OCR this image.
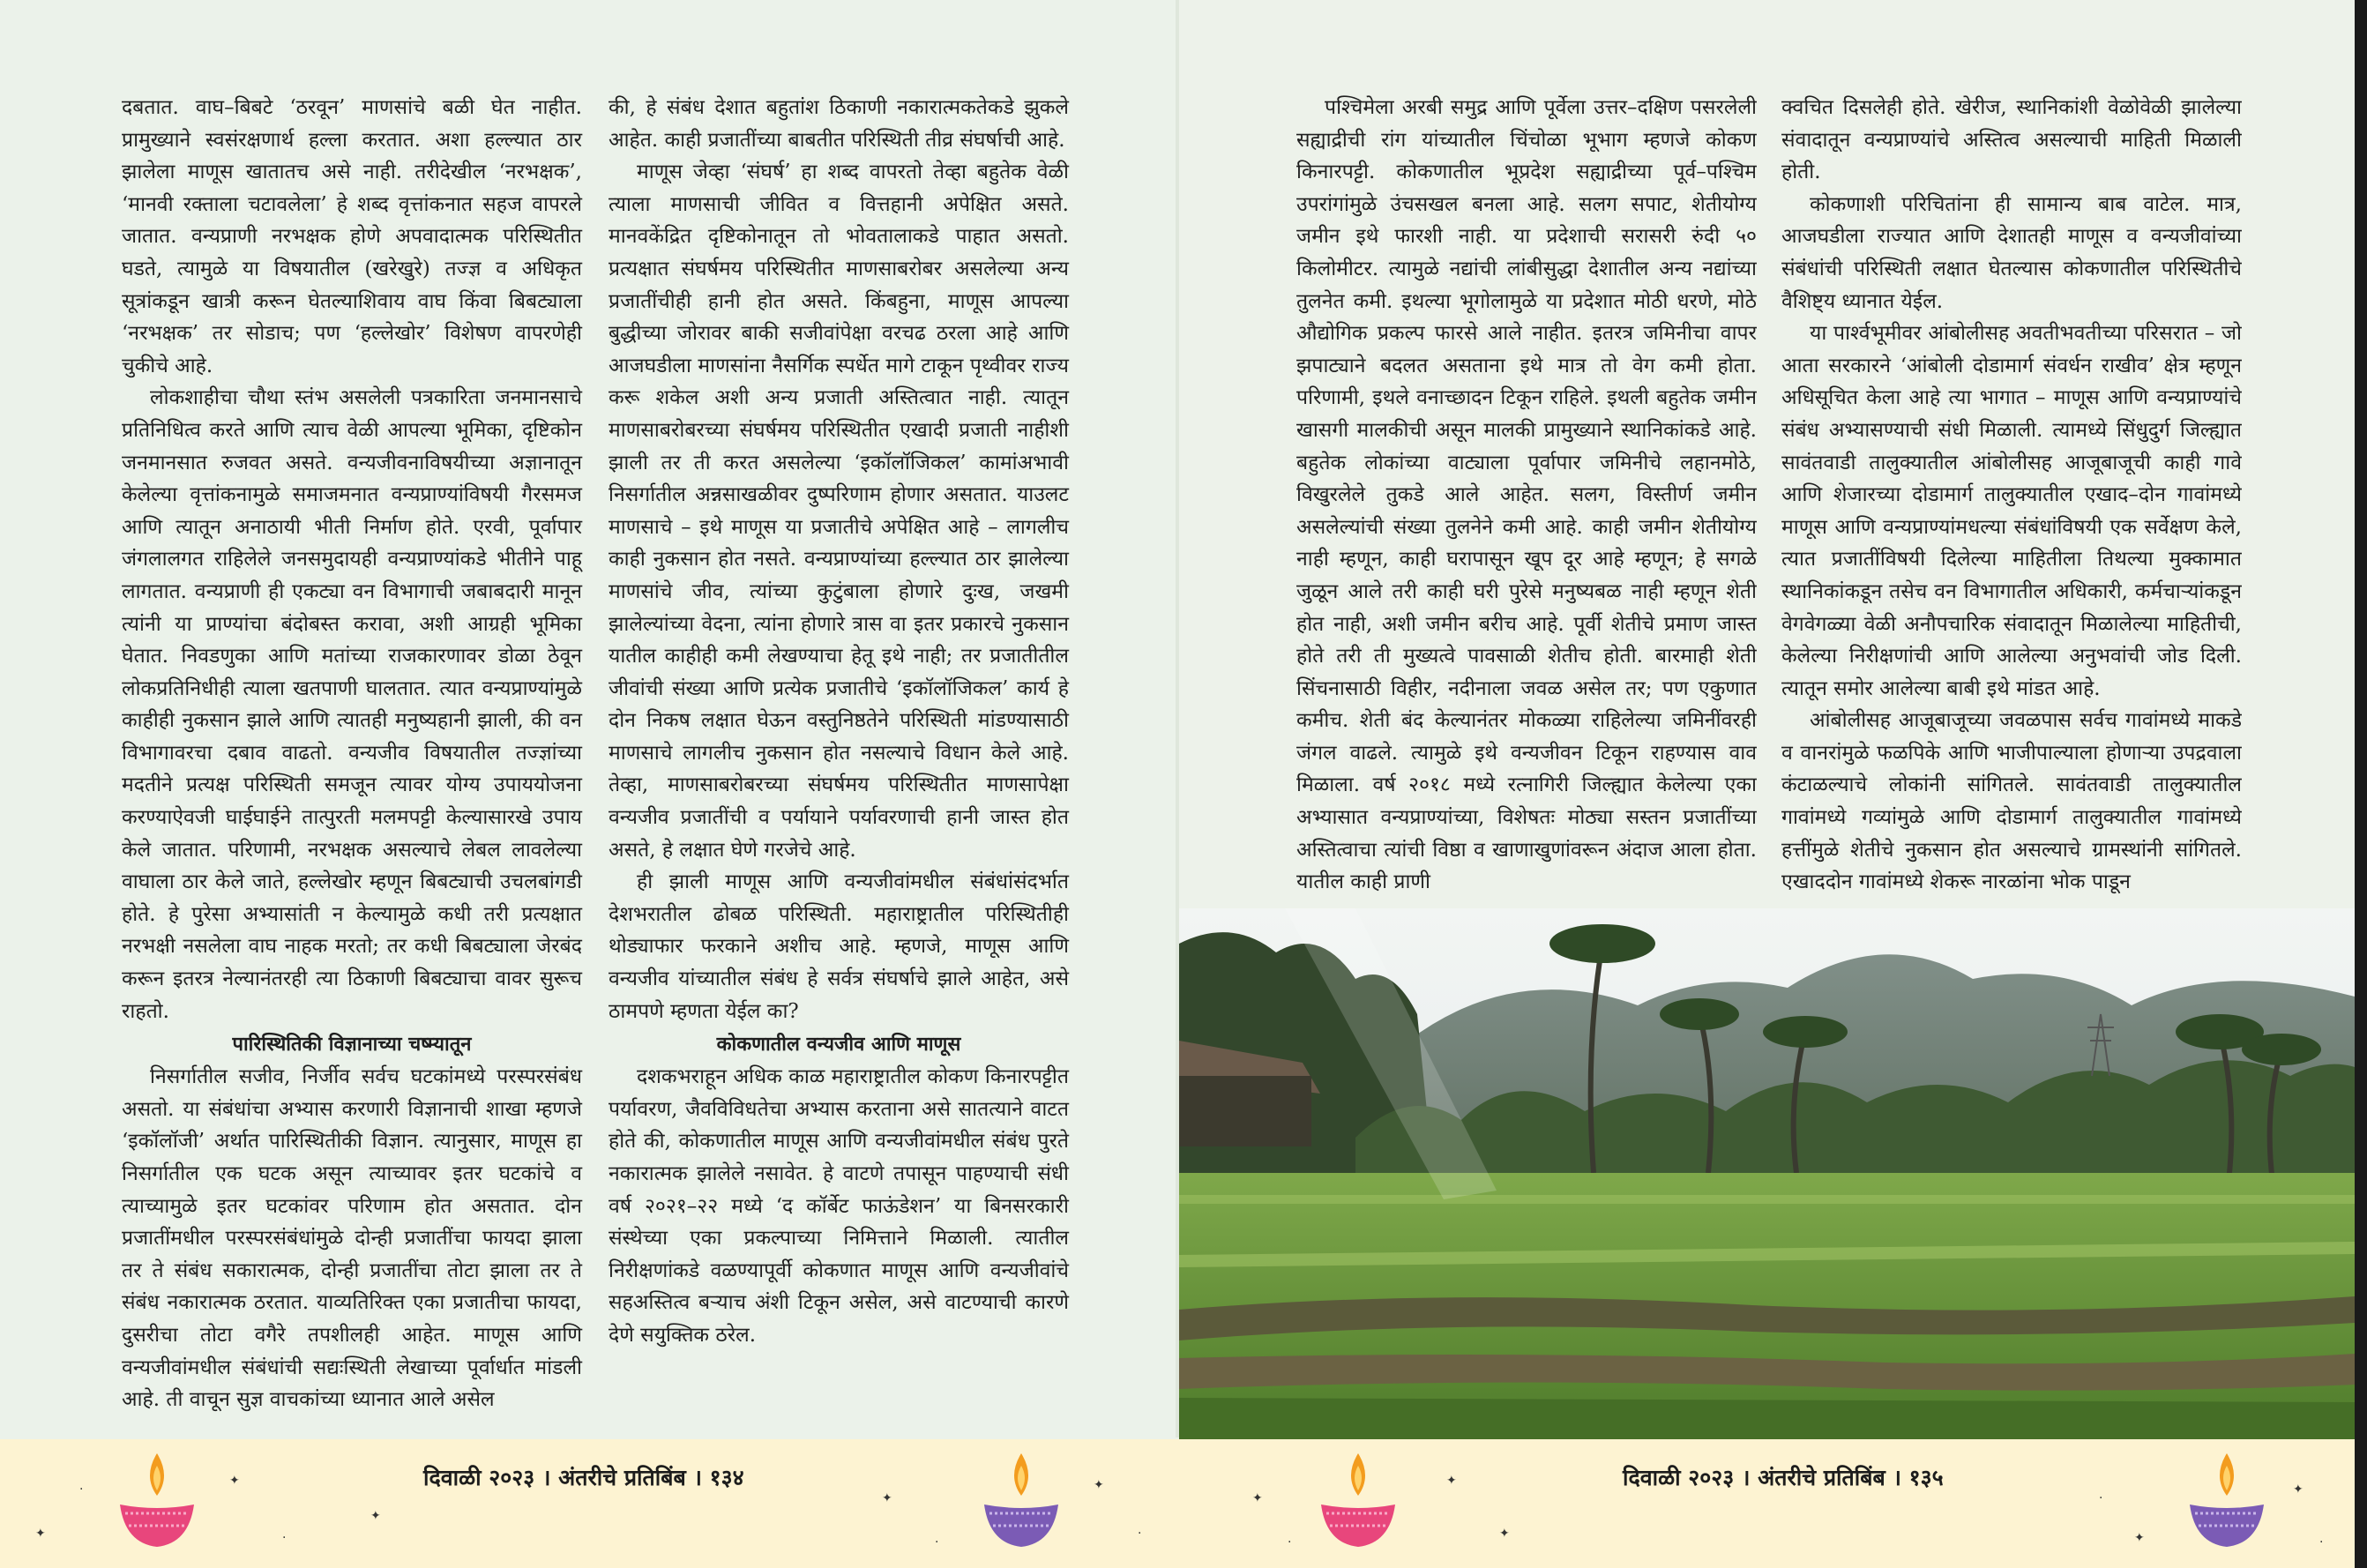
दबतात. वाघ–बिबटे ‘ठरवून’ माणसांचे बळी घेत नाहीत. प्रामुख्याने स्वसंरक्षणार्थ हल्ला करतात. अशा हल्ल्यात ठार झालेला माणूस खातातच असे नाही. तरीदेखील ‘नरभक्षक’, ‘मानवी रक्ताला चटावलेला’ हे शब्द वृत्तांकनात सहज वापरले जातात. वन्यप्राणी नरभक्षक होणे अपवादात्मक परिस्थितीत घडते, त्यामुळे या विषयातील (खरेखुरे) तज्ज्ञ व अधिकृत सूत्रांकडून खात्री करून घेतल्याशिवाय वाघ किंवा बिबट्याला ‘नरभक्षक’ तर सोडाच; पण ‘हल्लेखोर’ विशेषण वापरणेही चुकीचे आहे.

लोकशाहीचा चौथा स्तंभ असलेली पत्रकारिता जनमानसाचे प्रतिनिधित्व करते आणि त्याच वेळी आपल्या भूमिका, दृष्टिकोन जनमानसात रुजवत असते. वन्यजीवनाविषयीच्या अज्ञानातून केलेल्या वृत्तांकनामुळे समाजमनात वन्यप्राण्यांविषयी गैरसमज आणि त्यातून अनाठायी भीती निर्माण होते. एरवी, पूर्वापार जंगलालगत राहिलेले जनसमुदायही वन्यप्राण्यांकडे भीतीने पाहू लागतात. वन्यप्राणी ही एकट्या वन विभागाची जबाबदारी मानून त्यांनी या प्राण्यांचा बंदोबस्त करावा, अशी आग्रही भूमिका घेतात. निवडणुका आणि मतांच्या राजकारणावर डोळा ठेवून लोकप्रतिनिधीही त्याला खतपाणी घालतात. त्यात वन्यप्राण्यांमुळे काहीही नुकसान झाले आणि त्यातही मनुष्यहानी झाली, की वन विभागावरचा दबाव वाढतो. वन्यजीव विषयातील तज्ज्ञांच्या मदतीने प्रत्यक्ष परिस्थिती समजून त्यावर योग्य उपाययोजना करण्याऐवजी घाईघाईने तात्पुरती मलमपट्टी केल्यासारखे उपाय केले जातात. परिणामी, नरभक्षक असल्याचे लेबल लावलेल्या वाघाला ठार केले जाते, हल्लेखोर म्हणून बिबट्याची उचलबांगडी होते. हे पुरेसा अभ्यासांती न केल्यामुळे कधी तरी प्रत्यक्षात नरभक्षी नसलेला वाघ नाहक मरतो; तर कधी बिबट्याला जेरबंद करून इतरत्र नेल्यानंतरही त्या ठिकाणी बिबट्याचा वावर सुरूच राहतो.

पारिस्थितिकी विज्ञानाच्या चष्म्यातून

निसर्गातील सजीव, निर्जीव सर्वच घटकांमध्ये परस्परसंबंध असतो. या संबंधांचा अभ्यास करणारी विज्ञानाची शाखा म्हणजे ‘इकॉलॉजी’ अर्थात पारिस्थितीकी विज्ञान. त्यानुसार, माणूस हा निसर्गातील एक घटक असून त्याच्यावर इतर घटकांचे व त्याच्यामुळे इतर घटकांवर परिणाम होत असतात. दोन प्रजातींमधील परस्परसंबंधांमुळे दोन्ही प्रजातींचा फायदा झाला तर ते संबंध सकारात्मक, दोन्ही प्रजातींचा तोटा झाला तर ते संबंध नकारात्मक ठरतात. याव्यतिरिक्त एका प्रजातीचा फायदा, दुसरीचा तोटा वगैरे तपशीलही आहेत. माणूस आणि वन्यजीवांमधील संबंधांची सद्यःस्थिती लेखाच्या पूर्वार्धात मांडली आहे. ती वाचून सुज्ञ वाचकांच्या ध्यानात आले असेल

की, हे संबंध देशात बहुतांश ठिकाणी नकारात्मकतेकडे झुकले आहेत. काही प्रजातींच्या बाबतीत परिस्थिती तीव्र संघर्षाची आहे.

माणूस जेव्हा ‘संघर्ष’ हा शब्द वापरतो तेव्हा बहुतेक वेळी त्याला माणसाची जीवित व वित्तहानी अपेक्षित असते. मानवकेंद्रित दृष्टिकोनातून तो भोवतालाकडे पाहात असतो. प्रत्यक्षात संघर्षमय परिस्थितीत माणसाबरोबर असलेल्या अन्य प्रजातींचीही हानी होत असते. किंबहुना, माणूस आपल्या बुद्धीच्या जोरावर बाकी सजीवांपेक्षा वरचढ ठरला आहे आणि आजघडीला माणसांना नैसर्गिक स्पर्धेत मागे टाकून पृथ्वीवर राज्य करू शकेल अशी अन्य प्रजाती अस्तित्वात नाही. त्यातून माणसाबरोबरच्या संघर्षमय परिस्थितीत एखादी प्रजाती नाहीशी झाली तर ती करत असलेल्या ‘इकॉलॉजिकल’ कामांअभावी निसर्गातील अन्नसाखळीवर दुष्परिणाम होणार असतात. याउलट माणसाचे – इथे माणूस या प्रजातीचे अपेक्षित आहे – लागलीच काही नुकसान होत नसते. वन्यप्राण्यांच्या हल्ल्यात ठार झालेल्या माणसांचे जीव, त्यांच्या कुटुंबाला होणारे दुःख, जखमी झालेल्यांच्या वेदना, त्यांना होणारे त्रास वा इतर प्रकारचे नुकसान यातील काहीही कमी लेखण्याचा हेतू इथे नाही; तर प्रजातीतील जीवांची संख्या आणि प्रत्येक प्रजातीचे ‘इकॉलॉजिकल’ कार्य हे दोन निकष लक्षात घेऊन वस्तुनिष्ठतेने परिस्थिती मांडण्यासाठी माणसाचे लागलीच नुकसान होत नसल्याचे विधान केले आहे. तेव्हा, माणसाबरोबरच्या संघर्षमय परिस्थितीत माणसापेक्षा वन्यजीव प्रजातींची व पर्यायाने पर्यावरणाची हानी जास्त होत असते, हे लक्षात घेणे गरजेचे आहे.

ही झाली माणूस आणि वन्यजीवांमधील संबंधांसंदर्भात देशभरातील ढोबळ परिस्थिती. महाराष्ट्रातील परिस्थितीही थोड्याफार फरकाने अशीच आहे. म्हणजे, माणूस आणि वन्यजीव यांच्यातील संबंध हे सर्वत्र संघर्षाचे झाले आहेत, असे ठामपणे म्हणता येईल का?

कोकणातील वन्यजीव आणि माणूस

दशकभराहून अधिक काळ महाराष्ट्रातील कोकण किनारपट्टीत पर्यावरण, जैवविविधतेचा अभ्यास करताना असे सातत्याने वाटत होते की, कोकणातील माणूस आणि वन्यजीवांमधील संबंध पुरते नकारात्मक झालेले नसावेत. हे वाटणे तपासून पाहण्याची संधी वर्ष २०२१–२२ मध्ये ‘द कॉर्बेट फाऊंडेशन’ या बिनसरकारी संस्थेच्या एका प्रकल्पाच्या निमित्ताने मिळाली. त्यातील निरीक्षणांकडे वळण्यापूर्वी कोकणात माणूस आणि वन्यजीवांचे सहअस्तित्व बऱ्याच अंशी टिकून असेल, असे वाटण्याची कारणे देणे सयुक्तिक ठरेल.

पश्चिमेला अरबी समुद्र आणि पूर्वेला उत्तर–दक्षिण पसरलेली सह्याद्रीची रांग यांच्यातील चिंचोळा भूभाग म्हणजे कोकण किनारपट्टी. कोकणातील भूप्रदेश सह्याद्रीच्या पूर्व–पश्चिम उपरांगांमुळे उंचसखल बनला आहे. सलग सपाट, शेतीयोग्य जमीन इथे फारशी नाही. या प्रदेशाची सरासरी रुंदी ५० किलोमीटर. त्यामुळे नद्यांची लांबीसुद्धा देशातील अन्य नद्यांच्या तुलनेत कमी. इथल्या भूगोलामुळे या प्रदेशात मोठी धरणे, मोठे औद्योगिक प्रकल्प फारसे आले नाहीत. इतरत्र जमिनीचा वापर झपाट्याने बदलत असताना इथे मात्र तो वेग कमी होता. परिणामी, इथले वनाच्छादन टिकून राहिले. इथली बहुतेक जमीन खासगी मालकीची असून मालकी प्रामुख्याने स्थानिकांकडे आहे. बहुतेक लोकांच्या वाट्याला पूर्वापार जमिनीचे लहानमोठे, विखुरलेले तुकडे आले आहेत. सलग, विस्तीर्ण जमीन असलेल्यांची संख्या तुलनेने कमी आहे. काही जमीन शेतीयोग्य नाही म्हणून, काही घरापासून खूप दूर आहे म्हणून; हे सगळे जुळून आले तरी काही घरी पुरेसे मनुष्यबळ नाही म्हणून शेती होत नाही, अशी जमीन बरीच आहे. पूर्वी शेतीचे प्रमाण जास्त होते तरी ती मुख्यत्वे पावसाळी शेतीच होती. बारमाही शेती सिंचनासाठी विहीर, नदीनाला जवळ असेल तर; पण एकुणात कमीच. शेती बंद केल्यानंतर मोकळ्या राहिलेल्या जमिनींवरही जंगल वाढले. त्यामुळे इथे वन्यजीवन टिकून राहण्यास वाव मिळाला. वर्ष २०१८ मध्ये रत्नागिरी जिल्ह्यात केलेल्या एका अभ्यासात वन्यप्राण्यांच्या, विशेषतः मोठ्या सस्तन प्रजातींच्या अस्तित्वाचा त्यांची विष्ठा व खाणाखुणांवरून अंदाज आला होता. यातील काही प्राणी

क्वचित दिसलेही होते. खेरीज, स्थानिकांशी वेळोवेळी झालेल्या संवादातून वन्यप्राण्यांचे अस्तित्व असल्याची माहिती मिळाली होती.

कोकणाशी परिचितांना ही सामान्य बाब वाटेल. मात्र, आजघडीला राज्यात आणि देशातही माणूस व वन्यजीवांच्या संबंधांची परिस्थिती लक्षात घेतल्यास कोकणातील परिस्थितीचे वैशिष्ट्य ध्यानात येईल.

या पार्श्वभूमीवर आंबोलीसह अवतीभवतीच्या परिसरात – जो आता सरकारने ‘आंबोली दोडामार्ग संवर्धन राखीव’ क्षेत्र म्हणून अधिसूचित केला आहे त्या भागात – माणूस आणि वन्यप्राण्यांचे संबंध अभ्यासण्याची संधी मिळाली. त्यामध्ये सिंधुदुर्ग जिल्ह्यात सावंतवाडी तालुक्यातील आंबोलीसह आजूबाजूची काही गावे आणि शेजारच्या दोडामार्ग तालुक्यातील एखाद–दोन गावांमध्ये माणूस आणि वन्यप्राण्यांमधल्या संबंधांविषयी एक सर्वेक्षण केले, त्यात प्रजातींविषयी दिलेल्या माहितीला तिथल्या मुक्कामात स्थानिकांकडून तसेच वन विभागातील अधिकारी, कर्मचाऱ्यांकडून वेगवेगळ्या वेळी अनौपचारिक संवादातून मिळालेल्या माहितीची, केलेल्या निरीक्षणांची आणि आलेल्या अनुभवांची जोड दिली. त्यातून समोर आलेल्या बाबी इथे मांडत आहे.

आंबोलीसह आजूबाजूच्या जवळपास सर्वच गावांमध्ये माकडे व वानरांमुळे फळपिके आणि भाजीपाल्याला होणाऱ्या उपद्रवाला कंटाळल्याचे लोकांनी सांगितले. सावंतवाडी तालुक्यातील गावांमध्ये गव्यांमुळे आणि दोडामार्ग तालुक्यातील गावांमध्ये हत्तींमुळे शेतीचे नुकसान होत असल्याचे ग्रामस्थांनी सांगितले. एखाददोन गावांमध्ये शेकरू नारळांना भोक पाडून

दिवाळी २०२३ । अंतरीचे प्रतिबिंब । १३४	दिवाळी २०२३ । अंतरीचे प्रतिबिंब । १३५
✦
·
✦
·
✦
✦
·
✦
·
✦
·
✦
✦
·
✦
✦
·
